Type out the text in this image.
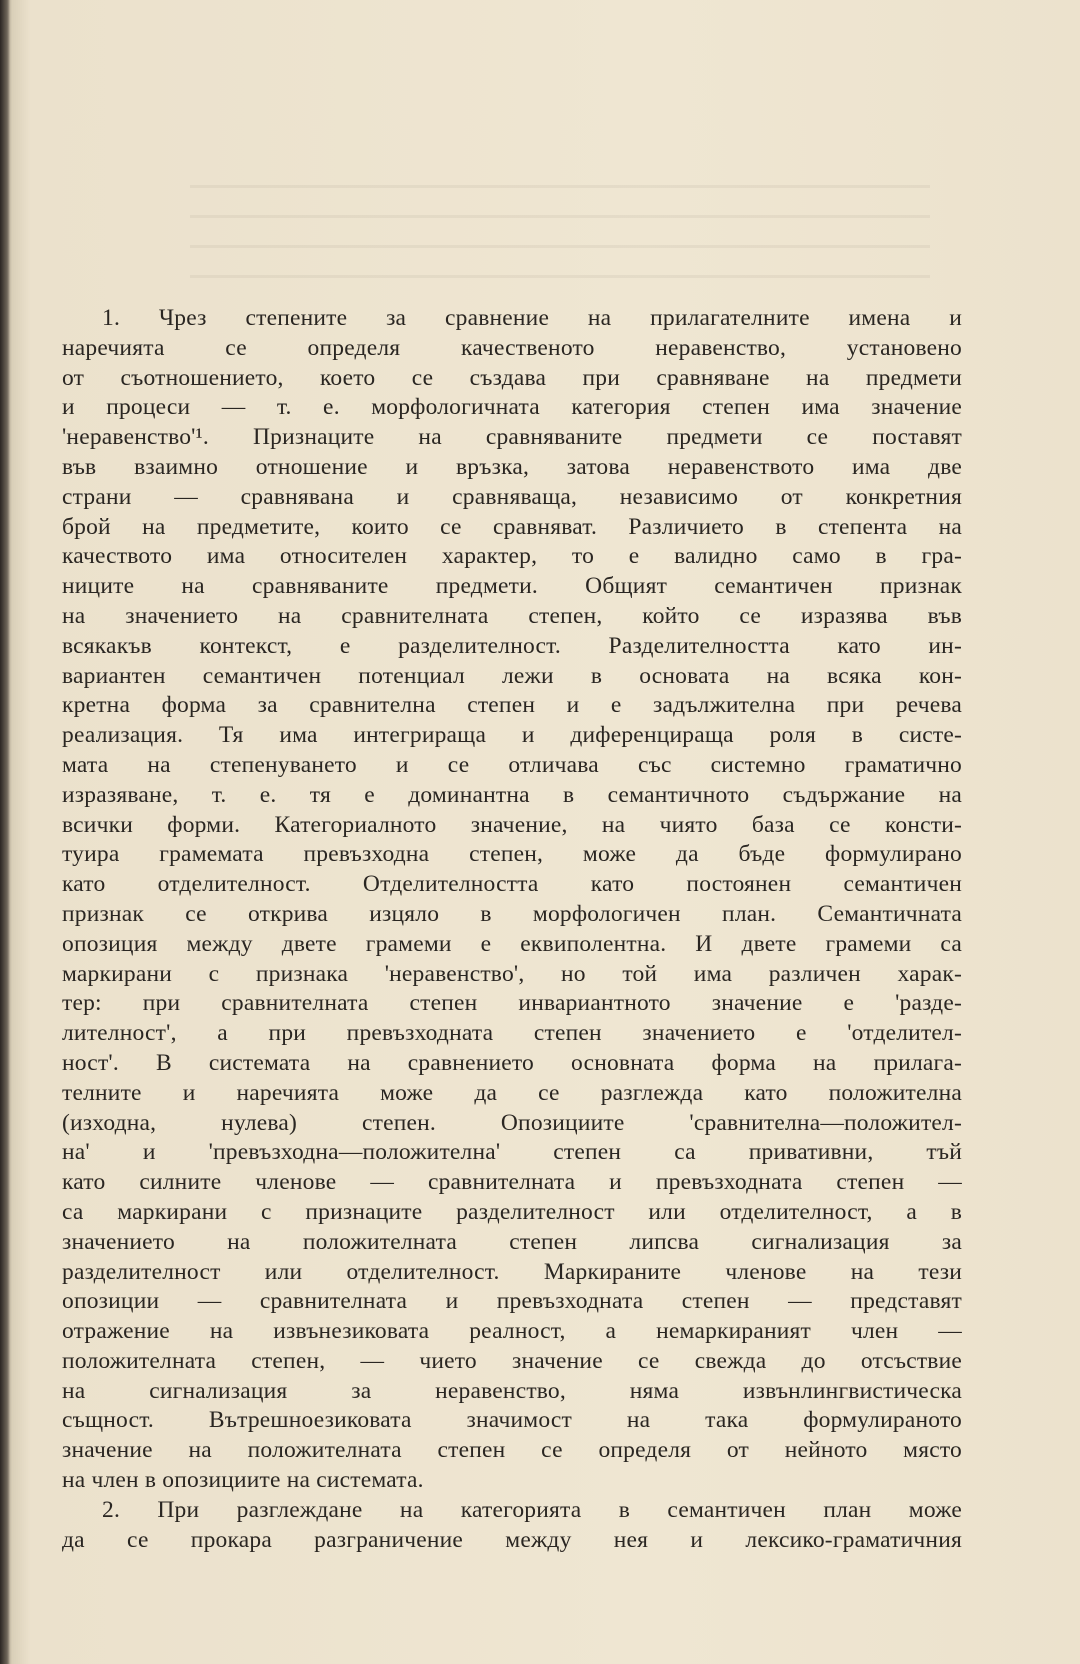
1. Чрез степените за сравнение на прилагателните имена и
наречията се определя качественото неравенство, установено
от съотношението, което се създава при сравняване на предмети
и процеси — т. е. морфологичната категория степен има значение
'неравенство'¹. Признаците на сравняваните предмети се поставят
във взаимно отношение и връзка, затова неравенството има две
страни — сравнявана и сравняваща, независимо от конкретния
брой на предметите, които се сравняват. Различието в степента на
качеството има относителен характер, то е валидно само в гра-
ниците на сравняваните предмети. Общият семантичен признак
на значението на сравнителната степен, който се изразява във
всякакъв контекст, е разделителност. Разделителността като ин-
вариантен семантичен потенциал лежи в основата на всяка кон-
кретна форма за сравнителна степен и е задължителна при речева
реализация. Тя има интегрираща и диференцираща роля в систе-
мата на степенуването и се отличава със системно граматично
изразяване, т. е. тя е доминантна в семантичното съдържание на
всички форми. Категориалното значение, на чиято база се консти-
туира грамемата превъзходна степен, може да бъде формулирано
като отделителност. Отделителността като постоянен семантичен
признак се открива изцяло в морфологичен план. Семантичната
опозиция между двете грамеми е еквиполентна. И двете грамеми са
маркирани с признака 'неравенство', но той има различен харак-
тер: при сравнителната степен инвариантното значение е 'разде-
лителност', а при превъзходната степен значението е 'отделител-
ност'. В системата на сравнението основната форма на прилага-
телните и наречията може да се разглежда като положителна
(изходна, нулева) степен. Опозициите 'сравнителна—положител-
на' и 'превъзходна—положителна' степен са привативни, тъй
като силните членове — сравнителната и превъзходната степен —
са маркирани с признаците разделителност или отделителност, а в
значението на положителната степен липсва сигнализация за
разделителност или отделителност. Маркираните членове на тези
опозиции — сравнителната и превъзходната степен — представят
отражение на извънезиковата реалност, а немаркираният член —
положителната степен, — чието значение се свежда до отсъствие
на сигнализация за неравенство, няма извънлингвистическа
същност. Вътрешноезиковата значимост на така формулираното
значение на положителната степен се определя от нейното място
на член в опозициите на системата.
2. При разглеждане на категорията в семантичен план може
да се прокара разграничение между нея и лексико-граматичния
